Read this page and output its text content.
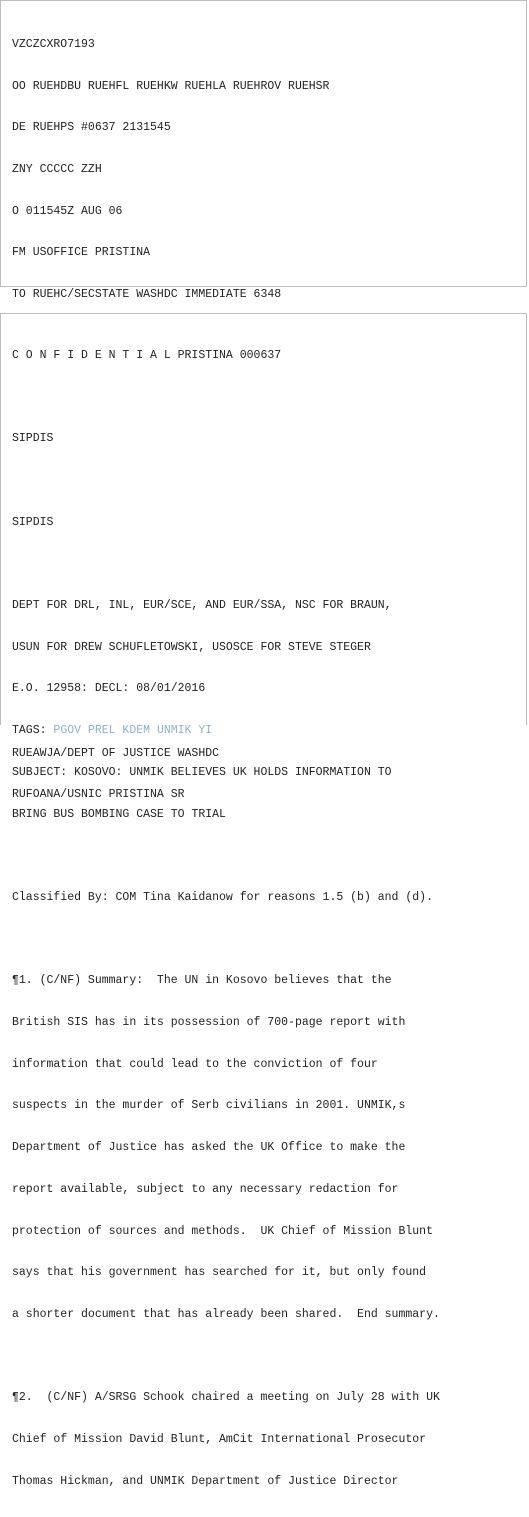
VZCZCXRO7193

OO RUEHDBU RUEHFL RUEHKW RUEHLA RUEHROV RUEHSR

DE RUEHPS #0637 2131545

ZNY CCCCC ZZH

O 011545Z AUG 06

FM USOFFICE PRISTINA

TO RUEHC/SECSTATE WASHDC IMMEDIATE 6348

RUEAWJA/DEPT OF JUSTICE WASHDC

RUFOANA/USNIC PRISTINA SR

C O N F I D E N T I A L PRISTINA 000637

SIPDIS

SIPDIS

DEPT FOR DRL, INL, EUR/SCE, AND EUR/SSA, NSC FOR BRAUN,

USUN FOR DREW SCHUFLETOWSKI, USOSCE FOR STEVE STEGER

E.O. 12958: DECL: 08/01/2016

TAGS: PGOV PREL KDEM UNMIK YI

SUBJECT: KOSOVO: UNMIK BELIEVES UK HOLDS INFORMATION TO

BRING BUS BOMBING CASE TO TRIAL

Classified By: COM Tina Kaidanow for reasons 1.5 (b) and (d).

¶1. (C/NF) Summary:  The UN in Kosovo believes that the

British SIS has in its possession of 700-page report with

information that could lead to the conviction of four

suspects in the murder of Serb civilians in 2001. UNMIK,s

Department of Justice has asked the UK Office to make the

report available, subject to any necessary redaction for

protection of sources and methods.  UK Chief of Mission Blunt

says that his government has searched for it, but only found

a shorter document that has already been shared.  End summary.

¶2.  (C/NF) A/SRSG Schook chaired a meeting on July 28 with UK

Chief of Mission David Blunt, AmCit International Prosecutor

Thomas Hickman, and UNMIK Department of Justice Director
